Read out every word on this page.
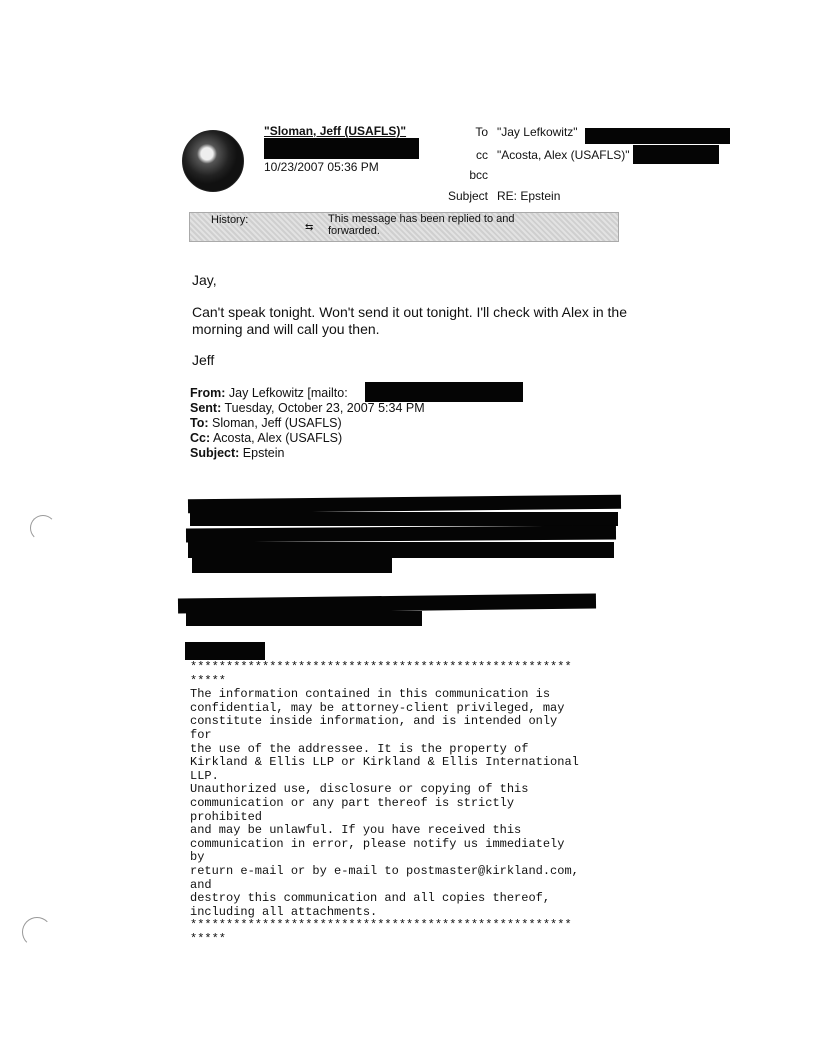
"Sloman, Jeff (USAFLS)"
10/23/2007 05:36 PM
To "Jay Lefkowitz"
cc "Acosta, Alex (USAFLS)"
bcc
Subject RE: Epstein
History:
⇆
This message has been replied to and forwarded.
Jay,
Can't speak tonight. Won't send it out tonight. I'll check with Alex in the morning and will call you then.
Jeff
From: Jay Lefkowitz [mailto:
Sent: Tuesday, October 23, 2007 5:34 PM
To: Sloman, Jeff (USAFLS)
Cc: Acosta, Alex (USAFLS)
Subject: Epstein
*****************************************************
*****
The information contained in this communication is
confidential, may be attorney-client privileged, may
constitute inside information, and is intended only
for
the use of the addressee. It is the property of
Kirkland & Ellis LLP or Kirkland & Ellis International
LLP.
Unauthorized use, disclosure or copying of this
communication or any part thereof is strictly
prohibited
and may be unlawful. If you have received this
communication in error, please notify us immediately
by
return e-mail or by e-mail to postmaster@kirkland.com,
and
destroy this communication and all copies thereof,
including all attachments.
*****************************************************
*****
